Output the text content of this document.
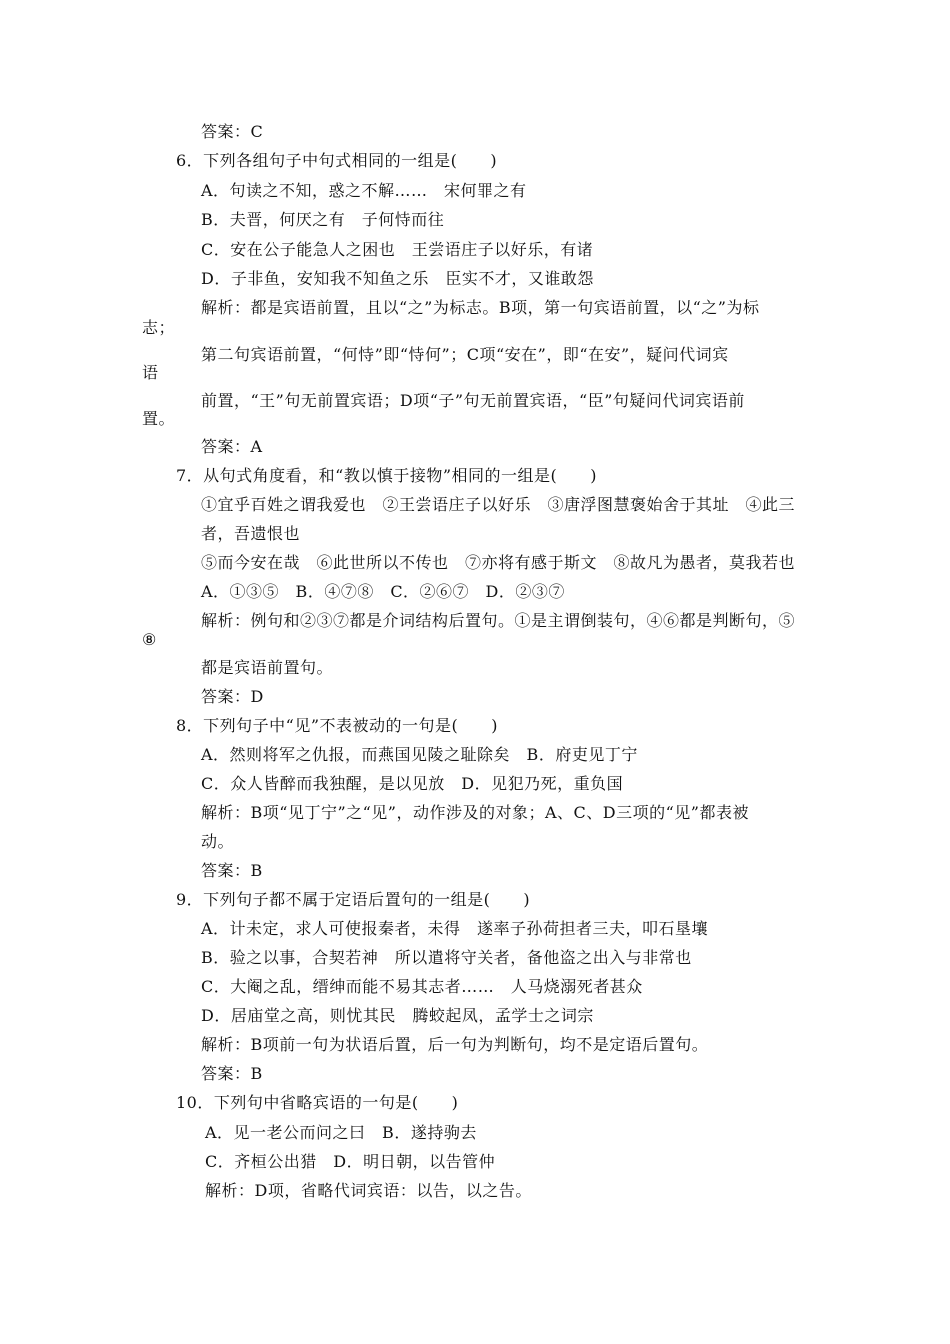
答案：C
6．下列各组句子中句式相同的一组是(　　)
A．句读之不知，惑之不解……　宋何罪之有
B．夫晋，何厌之有　子何恃而往
C．安在公子能急人之困也　王尝语庄子以好乐，有诸
D．子非鱼，安知我不知鱼之乐　臣实不才，又谁敢怨
解析：都是宾语前置，且以“之”为标志。B项，第一句宾语前置，以“之”为标
志；
第二句宾语前置，“何恃”即“恃何”；C项“安在”，即“在安”，疑问代词宾
语
前置，“王”句无前置宾语；D项“子”句无前置宾语，“臣”句疑问代词宾语前
置。
答案：A
7．从句式角度看，和“教以慎于接物”相同的一组是(　　)
①宜乎百姓之谓我爱也　②王尝语庄子以好乐　③唐浮图慧褒始舍于其址　④此三
者，吾遗恨也
⑤而今安在哉　⑥此世所以不传也　⑦亦将有感于斯文　⑧故凡为愚者，莫我若也
A．①③⑤　B．④⑦⑧　C．②⑥⑦　D．②③⑦
解析：例句和②③⑦都是介词结构后置句。①是主谓倒装句，④⑥都是判断句，⑤
⑧
都是宾语前置句。
答案：D
8．下列句子中“见”不表被动的一句是(　　)
A．然则将军之仇报，而燕国见陵之耻除矣　B．府吏见丁宁
C．众人皆醉而我独醒，是以见放　D．见犯乃死，重负国
解析：B项“见丁宁”之“见”，动作涉及的对象；A、C、D三项的“见”都表被
动。
答案：B
9．下列句子都不属于定语后置句的一组是(　　)
A．计未定，求人可使报秦者，未得　遂率子孙荷担者三夫，叩石垦壤
B．验之以事，合契若神　所以遣将守关者，备他盗之出入与非常也
C．大阉之乱，缙绅而能不易其志者……　人马烧溺死者甚众
D．居庙堂之高，则忧其民　腾蛟起凤，孟学士之词宗
解析：B项前一句为状语后置，后一句为判断句，均不是定语后置句。
答案：B
10．下列句中省略宾语的一句是(　　)
A．见一老公而问之曰　B．遂持驹去
C．齐桓公出猎　D．明日朝，以告管仲
解析：D项，省略代词宾语：以告，以之告。
